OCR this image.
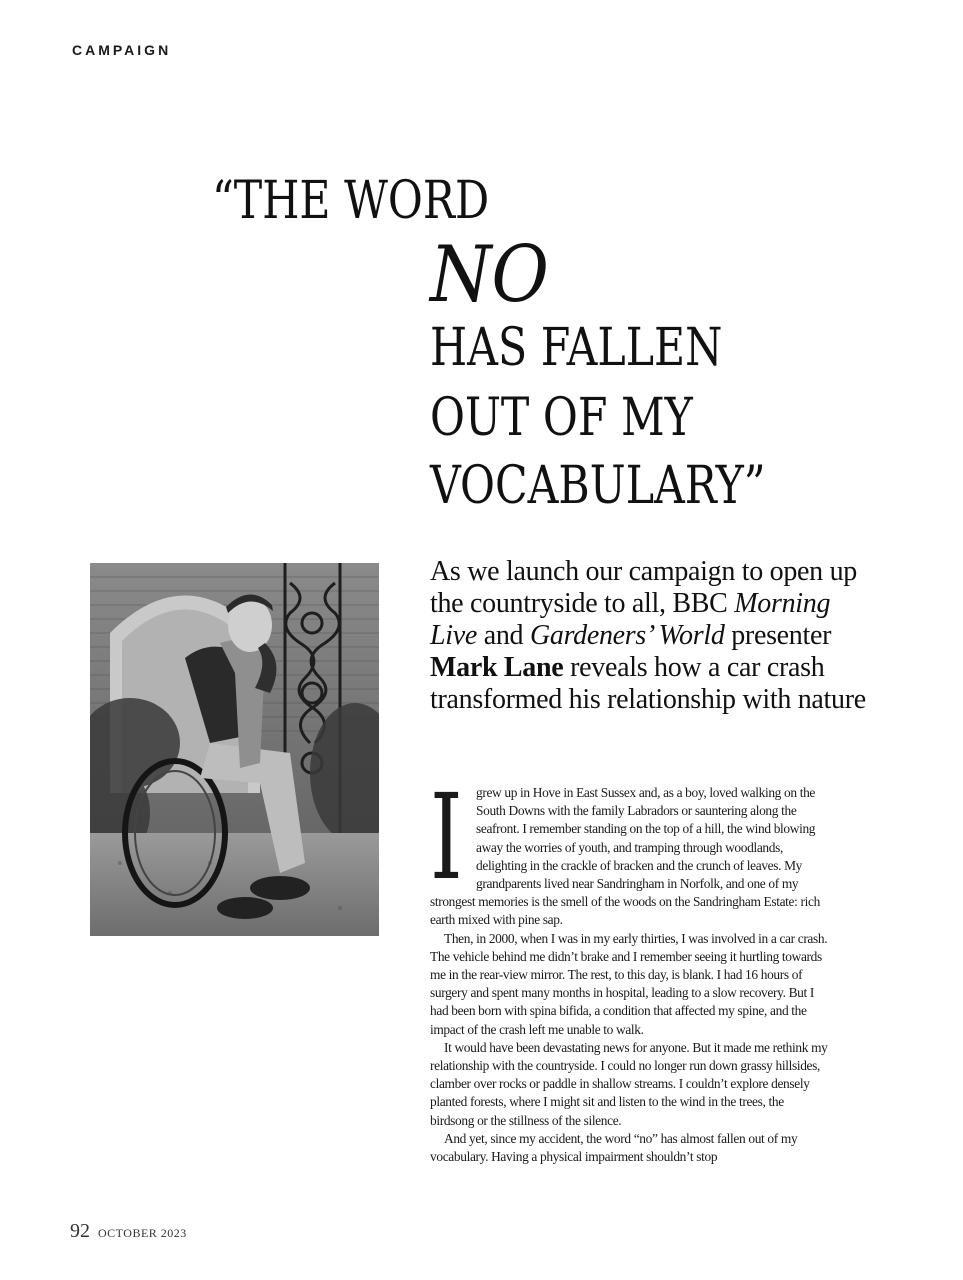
CAMPAIGN
“THE WORD
NO
HAS FALLEN
OUT OF MY
VOCABULARY”
As we launch our campaign to open up the countryside to all, BBC Morning Live and Gardeners’ World presenter Mark Lane reveals how a car crash transformed his relationship with nature

I grew up in Hove in East Sussex and, as a boy, loved walking on the South Downs with the family Labradors or sauntering along the seafront. I remember standing on the top of a hill, the wind blowing away the worries of youth, and tramping through woodlands, delighting in the crackle of bracken and the crunch of leaves. My grandparents lived near Sandringham in Norfolk, and one of my strongest memories is the smell of the woods on the Sandringham Estate: rich earth mixed with pine sap.

Then, in 2000, when I was in my early thirties, I was involved in a car crash. The vehicle behind me didn’t brake and I remember seeing it hurtling towards me in the rear-view mirror. The rest, to this day, is blank. I had 16 hours of surgery and spent many months in hospital, leading to a slow recovery. But I had been born with spina bifida, a condition that affected my spine, and the impact of the crash left me unable to walk.

It would have been devastating news for anyone. But it made me rethink my relationship with the countryside. I could no longer run down grassy hillsides, clamber over rocks or paddle in shallow streams. I couldn’t explore densely planted forests, where I might sit and listen to the wind in the trees, the birdsong or the stillness of the silence.

And yet, since my accident, the word “no” has almost fallen out of my vocabulary. Having a physical impairment shouldn’t stop

92 OCTOBER 2023
